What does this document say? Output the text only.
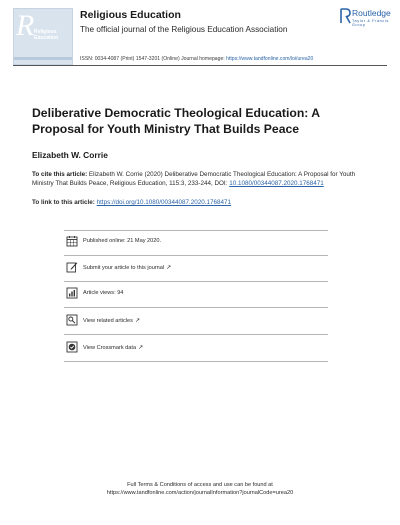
R Religious Education
Religious Education
The official journal of the Religious Education Association
Routledge
Taylor & Francis Group
ISSN: 0034-4087 (Print) 1547-3201 (Online) Journal homepage: https://www.tandfonline.com/loi/urea20
Deliberative Democratic Theological Education: A Proposal for Youth Ministry That Builds Peace
Elizabeth W. Corrie
To cite this article: Elizabeth W. Corrie (2020) Deliberative Democratic Theological Education: A Proposal for Youth Ministry That Builds Peace, Religious Education, 115:3, 233-244, DOI: 10.1080/00344087.2020.1768471
To link to this article: https://doi.org/10.1080/00344087.2020.1768471
Published online: 21 May 2020.
Submit your article to this journal ↗
Article views: 94
View related articles ↗
View Crossmark data ↗
Full Terms & Conditions of access and use can be found at
https://www.tandfonline.com/action/journalInformation?journalCode=urea20
